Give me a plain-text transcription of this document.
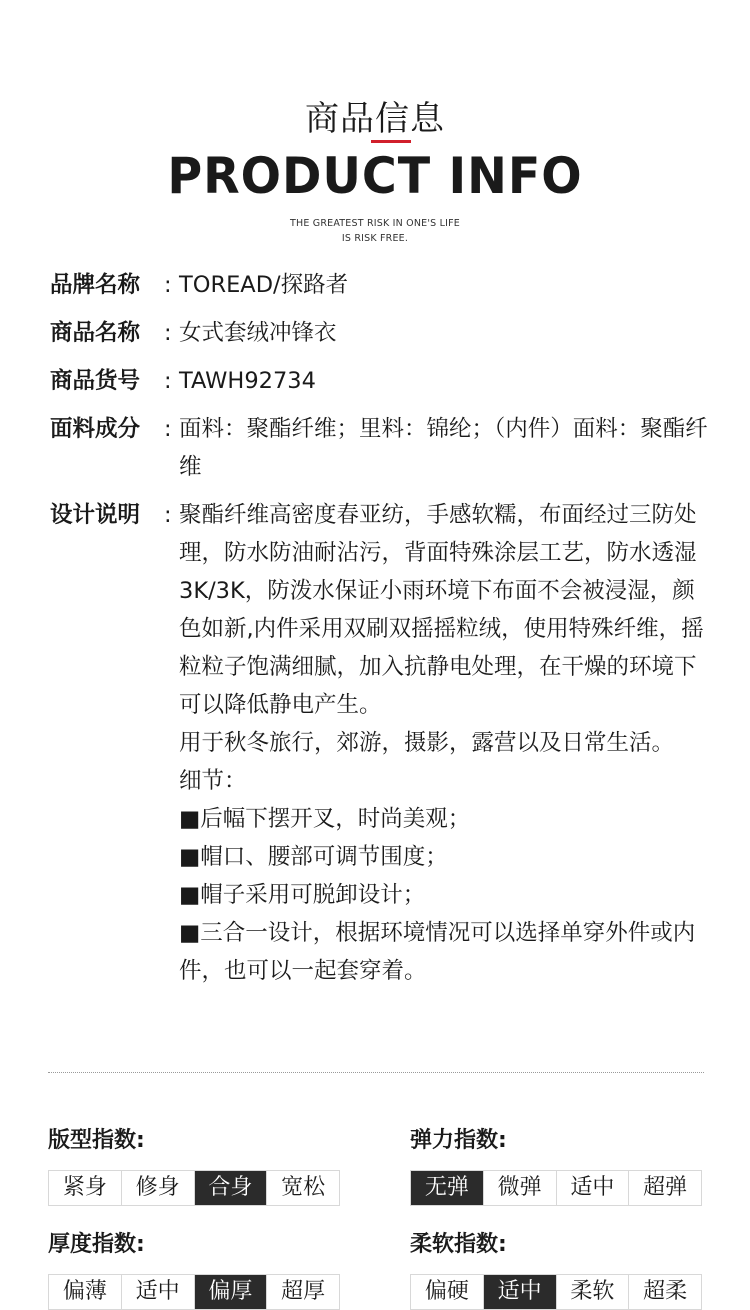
商品信息
PRODUCT INFO
THE GREATEST RISK IN ONE'S LIFE
IS RISK FREE.
品牌名称	: TOREAD/探路者
商品名称	: 女式套绒冲锋衣
商品货号	: TAWH92734
面料成分	: 面料：聚酯纤维；里料：锦纶；（内件）面料：聚酯纤维
设计说明	: 聚酯纤维高密度春亚纺，手感软糯，布面经过三防处理，防水防油耐沾污，背面特殊涂层工艺，防水透湿3K/3K，防泼水保证小雨环境下布面不会被浸湿，颜色如新,内件采用双刷双摇摇粒绒，使用特殊纤维，摇粒粒子饱满细腻，加入抗静电处理，在干燥的环境下可以降低静电产生。

用于秋冬旅行，郊游，摄影，露营以及日常生活。

细节：

■后幅下摆开叉，时尚美观；

■帽口、腰部可调节围度；

■帽子采用可脱卸设计；

■三合一设计，根据环境情况可以选择单穿外件或内件，也可以一起套穿着。

版型指数:
紧身	修身	合身	宽松
弹力指数:
无弹	微弹	适中	超弹
厚度指数:
偏薄	适中	偏厚	超厚
柔软指数:
偏硬	适中	柔软	超柔
